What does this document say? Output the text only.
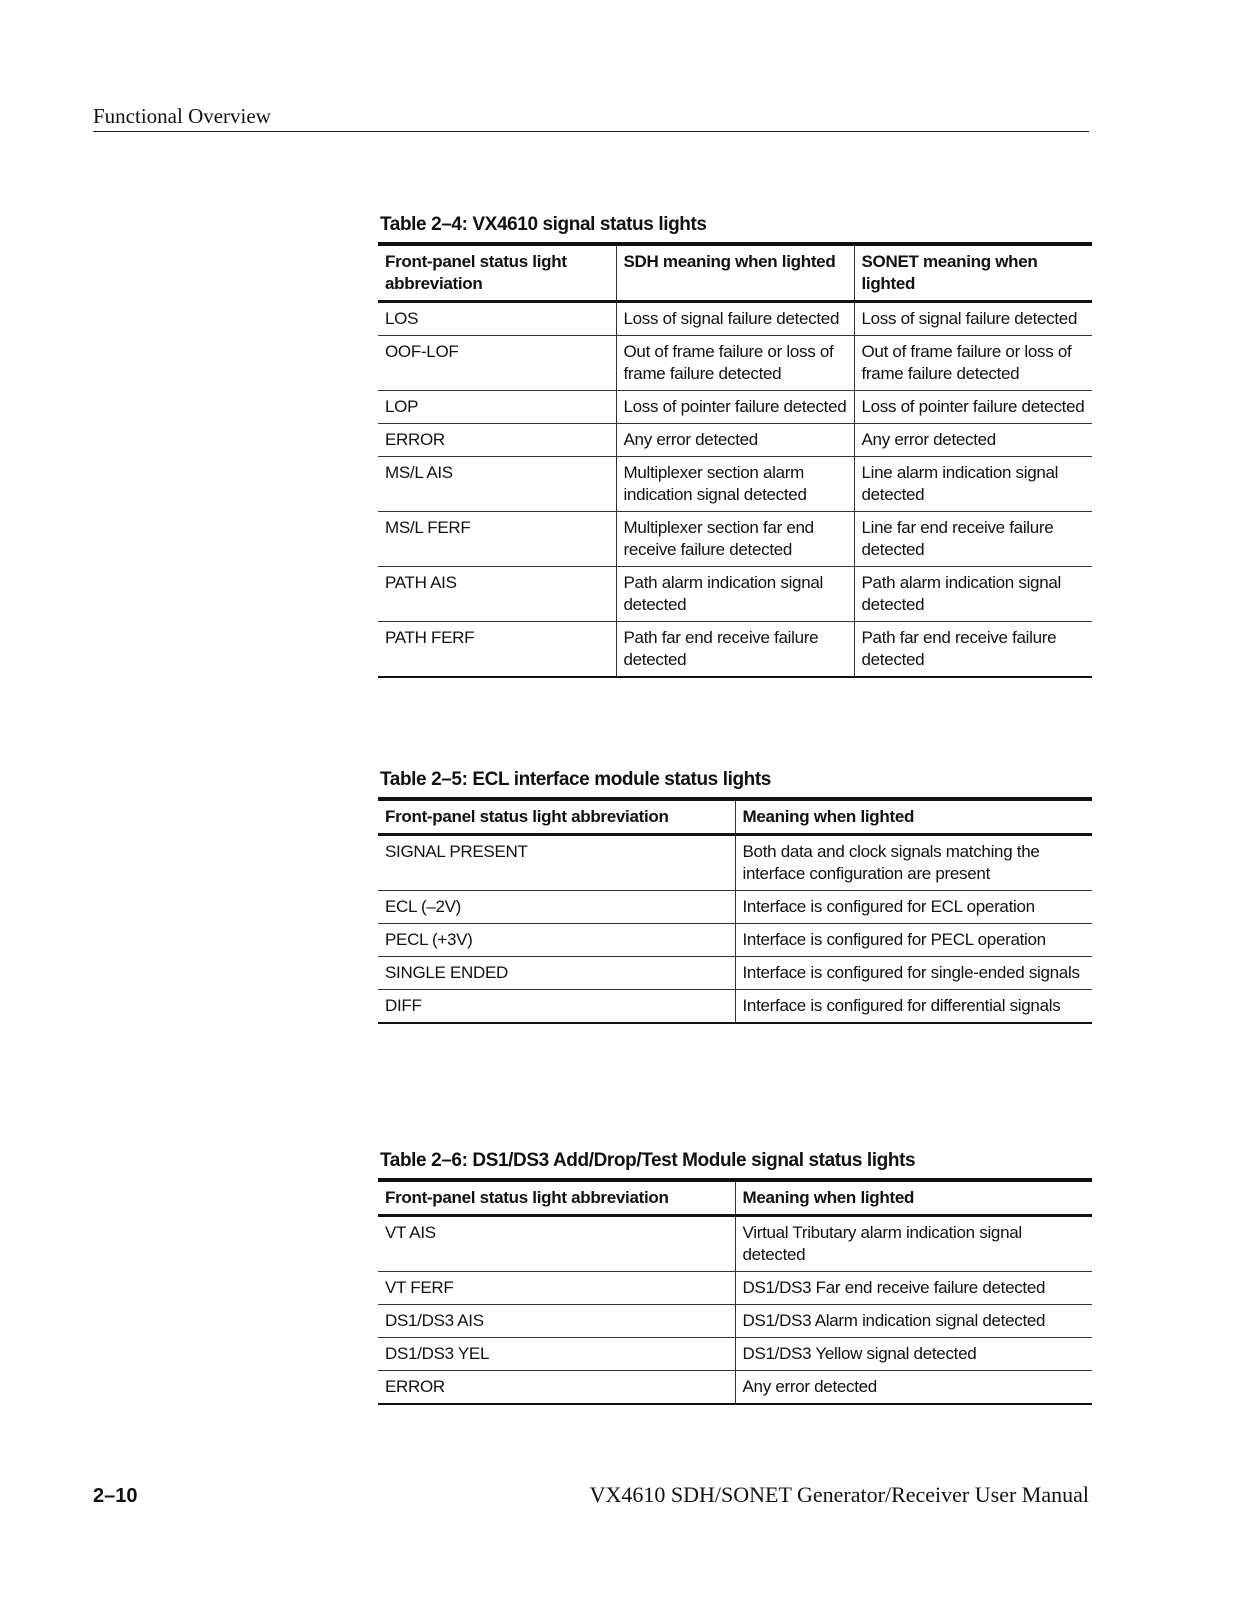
Functional Overview
Table 2–4: VX4610 signal status lights
Front-panel status light abbreviation	SDH meaning when lighted	SONET meaning when lighted
LOS	Loss of signal failure detected	Loss of signal failure detected
OOF-LOF	Out of frame failure or loss of frame failure detected	Out of frame failure or loss of frame failure detected
LOP	Loss of pointer failure detected	Loss of pointer failure detected
ERROR	Any error detected	Any error detected
MS/L AIS	Multiplexer section alarm indication signal detected	Line alarm indication signal detected
MS/L FERF	Multiplexer section far end receive failure detected	Line far end receive failure detected
PATH AIS	Path alarm indication signal detected	Path alarm indication signal detected
PATH FERF	Path far end receive failure detected	Path far end receive failure detected
Table 2–5: ECL interface module status lights
Front-panel status light abbreviation	Meaning when lighted
SIGNAL PRESENT	Both data and clock signals matching the interface configuration are present
ECL (–2V)	Interface is configured for ECL operation
PECL (+3V)	Interface is configured for PECL operation
SINGLE ENDED	Interface is configured for single-ended signals
DIFF	Interface is configured for differential signals
Table 2–6: DS1/DS3 Add/Drop/Test Module signal status lights
Front-panel status light abbreviation	Meaning when lighted
VT AIS	Virtual Tributary alarm indication signal detected
VT FERF	DS1/DS3 Far end receive failure detected
DS1/DS3 AIS	DS1/DS3 Alarm indication signal detected
DS1/DS3 YEL	DS1/DS3 Yellow signal detected
ERROR	Any error detected
2–10	VX4610 SDH/SONET Generator/Receiver User Manual
